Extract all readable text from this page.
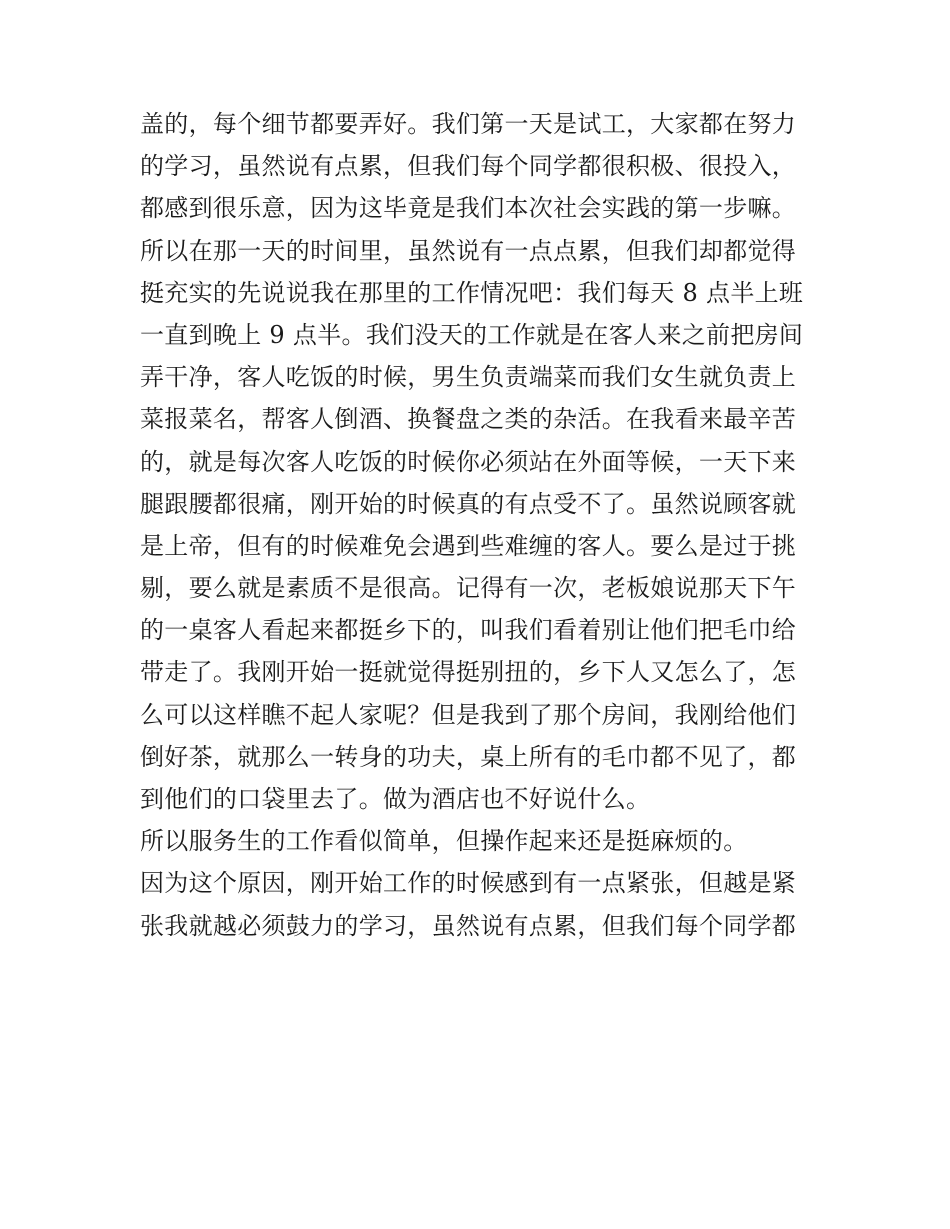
盖的，每个细节都要弄好。我们第一天是试工，大家都在努力
的学习，虽然说有点累，但我们每个同学都很积极、很投入，
都感到很乐意，因为这毕竟是我们本次社会实践的第一步嘛。
所以在那一天的时间里，虽然说有一点点累，但我们却都觉得
挺充实的先说说我在那里的工作情况吧：我们每天 8 点半上班
一直到晚上 9 点半。我们没天的工作就是在客人来之前把房间
弄干净，客人吃饭的时候，男生负责端菜而我们女生就负责上
菜报菜名，帮客人倒酒、换餐盘之类的杂活。在我看来最辛苦
的，就是每次客人吃饭的时候你必须站在外面等候，一天下来
腿跟腰都很痛，刚开始的时候真的有点受不了。虽然说顾客就
是上帝，但有的时候难免会遇到些难缠的客人。要么是过于挑
剔，要么就是素质不是很高。记得有一次，老板娘说那天下午
的一桌客人看起来都挺乡下的，叫我们看着别让他们把毛巾给
带走了。我刚开始一挺就觉得挺别扭的，乡下人又怎么了，怎
么可以这样瞧不起人家呢？但是我到了那个房间，我刚给他们
倒好茶，就那么一转身的功夫，桌上所有的毛巾都不见了，都
到他们的口袋里去了。做为酒店也不好说什么。
所以服务生的工作看似简单，但操作起来还是挺麻烦的。
因为这个原因，刚开始工作的时候感到有一点紧张，但越是紧
张我就越必须鼓力的学习，虽然说有点累，但我们每个同学都
